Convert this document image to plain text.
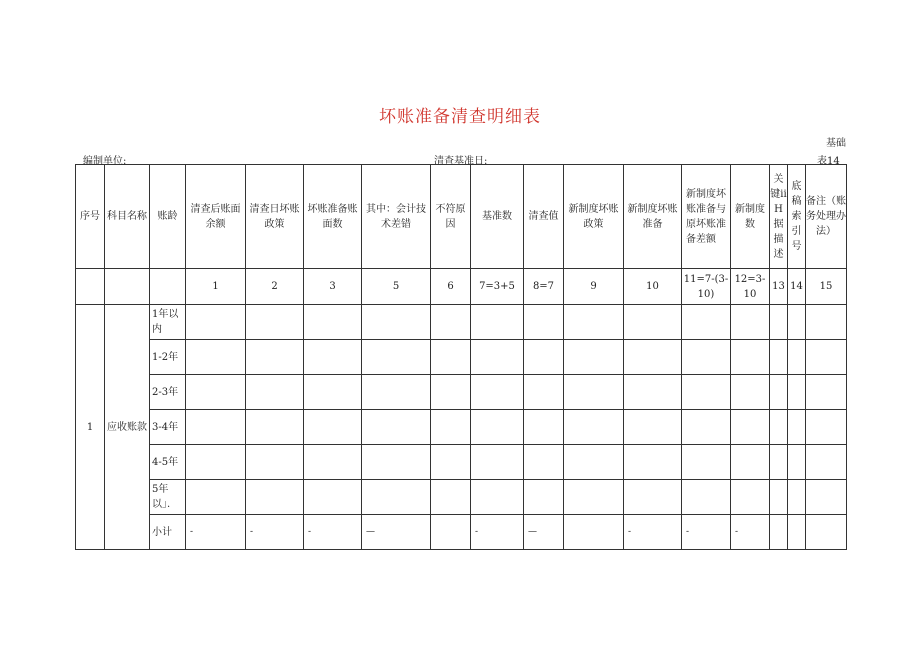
坏账准备清查明细表
基础
编制单位:	清查基准日:	表14
序号	科目名称	账龄	清查后账面余额	清查日坏账政策	坏账准备账面数	其中：会计技术差错	不符原因	基准数	清查值	新制度坏账政策	新制度坏账准备	新制度坏账准备与原坏账准备差额	新制度数	关键iiH据描述	底稿索引号	备注（账务处理办法）
			1	2	3	5	6	7=3+5	8=7	9	10	11=7-(3-10)	12=3-10	13	14	15
1	应收账款	1年以内														
		1-2年														
		2-3年														
		3-4年														
		4-5年														
		5年以｣.														
		小计	-	-	-	—		-	—		-	-	-			
